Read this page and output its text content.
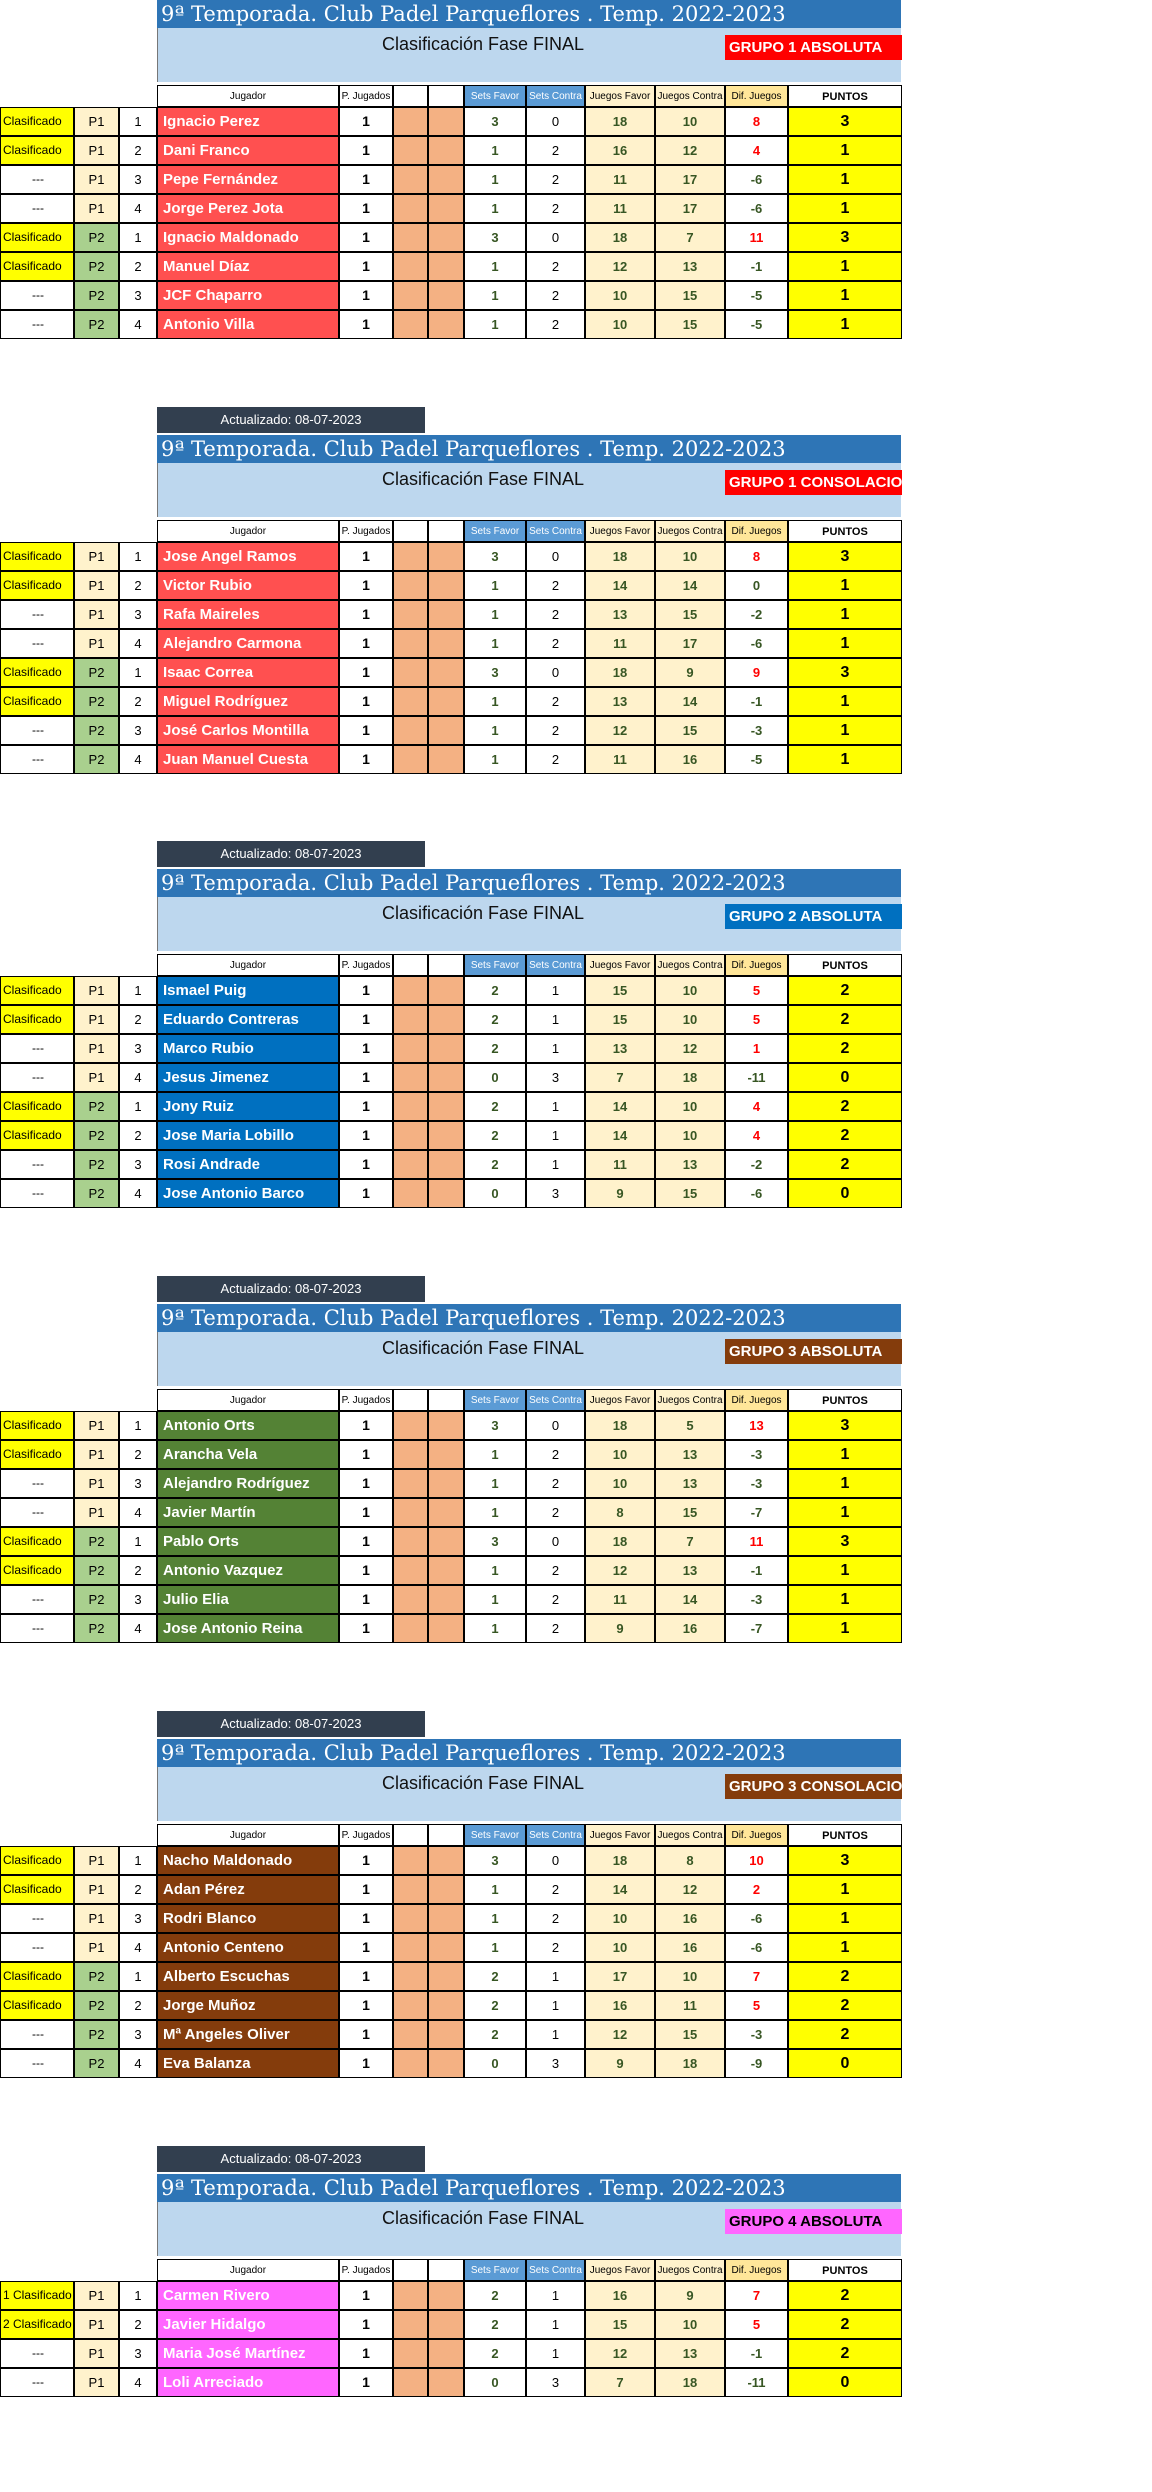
9ª Temporada. Club Padel Parqueflores . Temp. 2022-2023
Clasificación Fase FINAL	GRUPO 1 ABSOLUTA
Jugador	P. Jugados	Sets Favor Sets Contra Juegos Favor Juegos Contra Dif. Juegos	PUNTOS
Clasificado	P1	1	Ignacio Perez	1	3	0	18	10	8	3
Clasificado	P1	2	Dani Franco	1	1	2	16	12	4	1
---	P1	3	Pepe Fernández	1	1	2	11	17	-6	1
---	P1	4	Jorge Perez Jota	1	1	2	11	17	-6	1
Clasificado	P2	1	Ignacio Maldonado	1	3	0	18	7	11	3
Clasificado	P2	2	Manuel Díaz	1	1	2	12	13	-1	1
---	P2	3	JCF Chaparro	1	1	2	10	15	-5	1
---	P2	4	Antonio Villa	1	1	2	10	15	-5	1
Actualizado: 08-07-2023
9ª Temporada. Club Padel Parqueflores . Temp. 2022-2023
Clasificación Fase FINAL	GRUPO 1 CONSOLACIO
Jugador	P. Jugados	Sets Favor Sets Contra Juegos Favor Juegos Contra Dif. Juegos	PUNTOS
Clasificado	P1	1	Jose Angel Ramos	1	3	0	18	10	8	3
Clasificado	P1	2	Victor Rubio	1	1	2	14	14	0	1
---	P1	3	Rafa Maireles	1	1	2	13	15	-2	1
---	P1	4	Alejandro Carmona	1	1	2	11	17	-6	1
Clasificado	P2	1	Isaac Correa	1	3	0	18	9	9	3
Clasificado	P2	2	Miguel Rodríguez	1	1	2	13	14	-1	1
---	P2	3	José Carlos Montilla	1	1	2	12	15	-3	1
---	P2	4	Juan Manuel Cuesta	1	1	2	11	16	-5	1
Actualizado: 08-07-2023
9ª Temporada. Club Padel Parqueflores . Temp. 2022-2023
Clasificación Fase FINAL	GRUPO 2 ABSOLUTA
Jugador	P. Jugados	Sets Favor Sets Contra Juegos Favor Juegos Contra Dif. Juegos	PUNTOS
Clasificado	P1	1	Ismael Puig	1	2	1	15	10	5	2
Clasificado	P1	2	Eduardo Contreras	1	2	1	15	10	5	2
---	P1	3	Marco Rubio	1	2	1	13	12	1	2
---	P1	4	Jesus Jimenez	1	0	3	7	18	-11	0
Clasificado	P2	1	Jony Ruiz	1	2	1	14	10	4	2
Clasificado	P2	2	Jose Maria Lobillo	1	2	1	14	10	4	2
---	P2	3	Rosi Andrade	1	2	1	11	13	-2	2
---	P2	4	Jose Antonio Barco	1	0	3	9	15	-6	0
Actualizado: 08-07-2023
9ª Temporada. Club Padel Parqueflores . Temp. 2022-2023
Clasificación Fase FINAL	GRUPO 3 ABSOLUTA
Jugador	P. Jugados	Sets Favor Sets Contra Juegos Favor Juegos Contra Dif. Juegos	PUNTOS
Clasificado	P1	1	Antonio Orts	1	3	0	18	5	13	3
Clasificado	P1	2	Arancha Vela	1	1	2	10	13	-3	1
---	P1	3	Alejandro Rodríguez	1	1	2	10	13	-3	1
---	P1	4	Javier Martín	1	1	2	8	15	-7	1
Clasificado	P2	1	Pablo Orts	1	3	0	18	7	11	3
Clasificado	P2	2	Antonio Vazquez	1	1	2	12	13	-1	1
---	P2	3	Julio Elia	1	1	2	11	14	-3	1
---	P2	4	Jose Antonio Reina	1	1	2	9	16	-7	1
Actualizado: 08-07-2023
9ª Temporada. Club Padel Parqueflores . Temp. 2022-2023
Clasificación Fase FINAL	GRUPO 3 CONSOLACIO
Jugador	P. Jugados	Sets Favor Sets Contra Juegos Favor Juegos Contra Dif. Juegos	PUNTOS
Clasificado	P1	1	Nacho Maldonado	1	3	0	18	8	10	3
Clasificado	P1	2	Adan Pérez	1	1	2	14	12	2	1
---	P1	3	Rodri Blanco	1	1	2	10	16	-6	1
---	P1	4	Antonio Centeno	1	1	2	10	16	-6	1
Clasificado	P2	1	Alberto Escuchas	1	2	1	17	10	7	2
Clasificado	P2	2	Jorge Muñoz	1	2	1	16	11	5	2
---	P2	3	Mª Angeles Oliver	1	2	1	12	15	-3	2
---	P2	4	Eva Balanza	1	0	3	9	18	-9	0
Actualizado: 08-07-2023
9ª Temporada. Club Padel Parqueflores . Temp. 2022-2023
Clasificación Fase FINAL	GRUPO 4 ABSOLUTA
Jugador	P. Jugados	Sets Favor Sets Contra Juegos Favor Juegos Contra Dif. Juegos	PUNTOS
1 Clasificado	P1	1	Carmen Rivero	1	2	1	16	9	7	2
2 Clasificado	P1	2	Javier Hidalgo	1	2	1	15	10	5	2
---	P1	3	Maria José Martínez	1	2	1	12	13	-1	2
---	P1	4	Loli Arreciado	1	0	3	7	18	-11	0
